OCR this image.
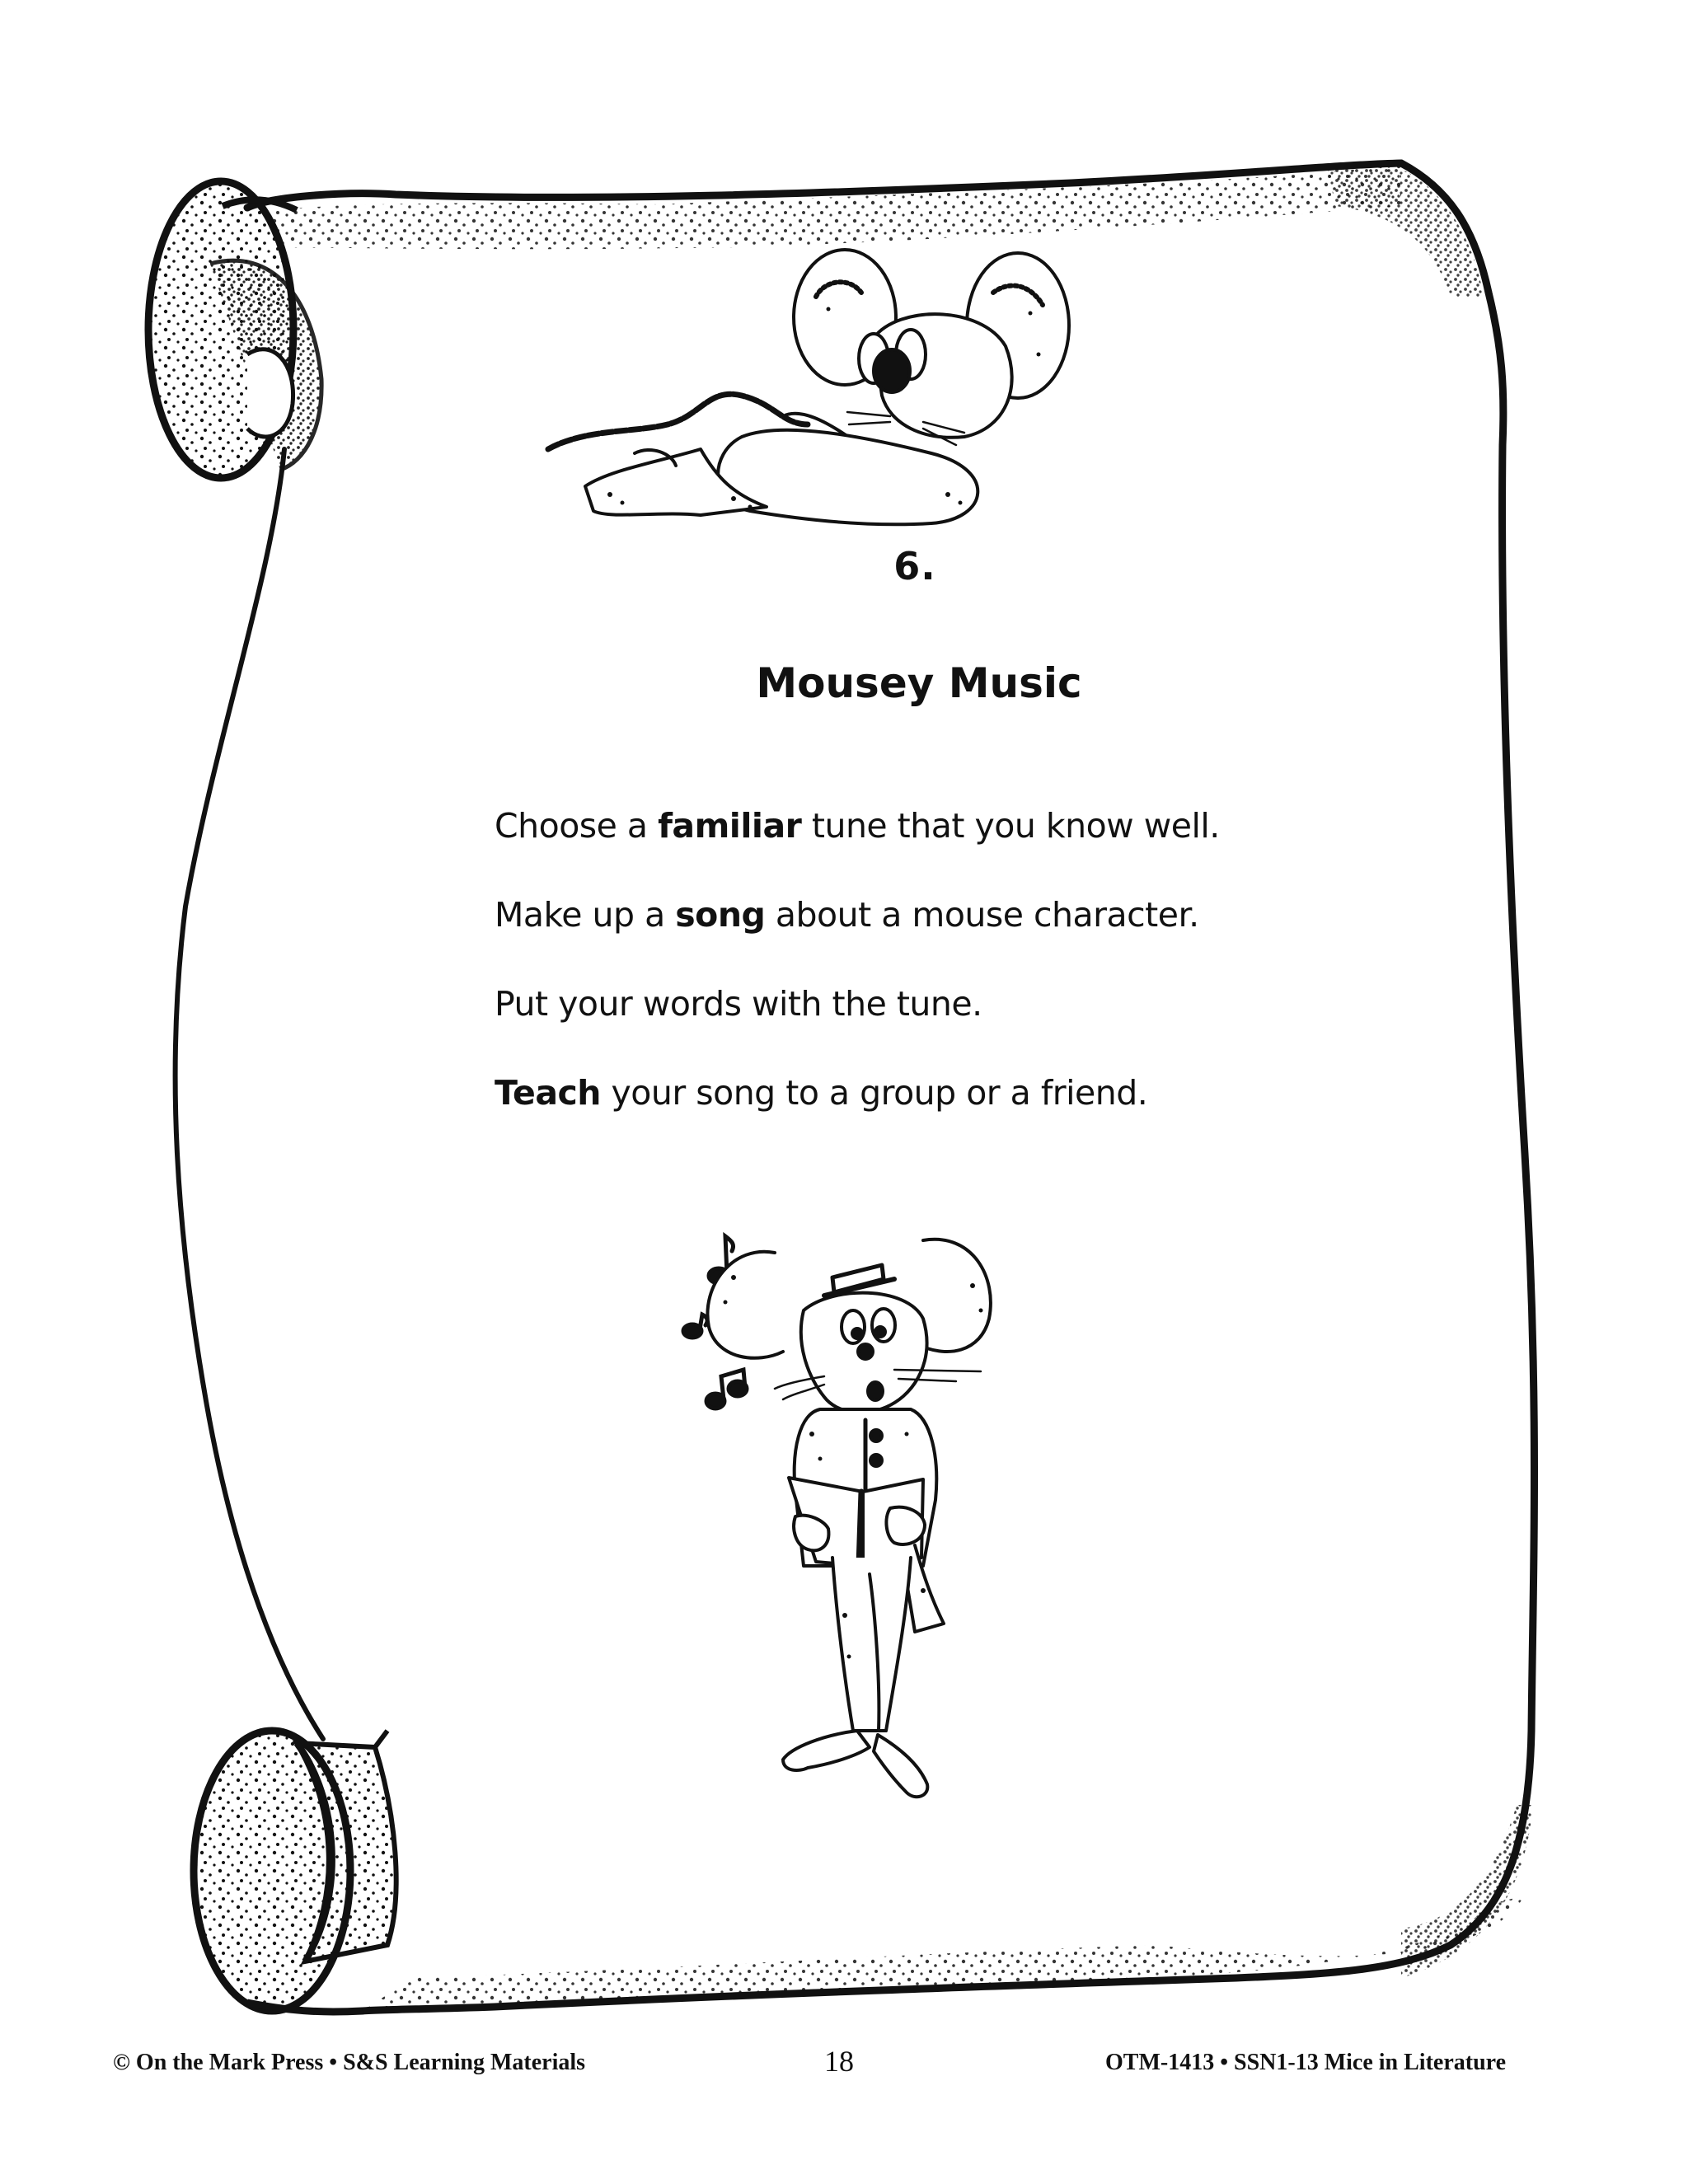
6.
Mousey Music
Choose a familiar tune that you know well.
Make up a song about a mouse character.
Put your words with the tune.
Teach your song to a group or a friend.
© On the Mark Press • S&S Learning Materials	18	OTM-1413 • SSN1-13 Mice in Literature
